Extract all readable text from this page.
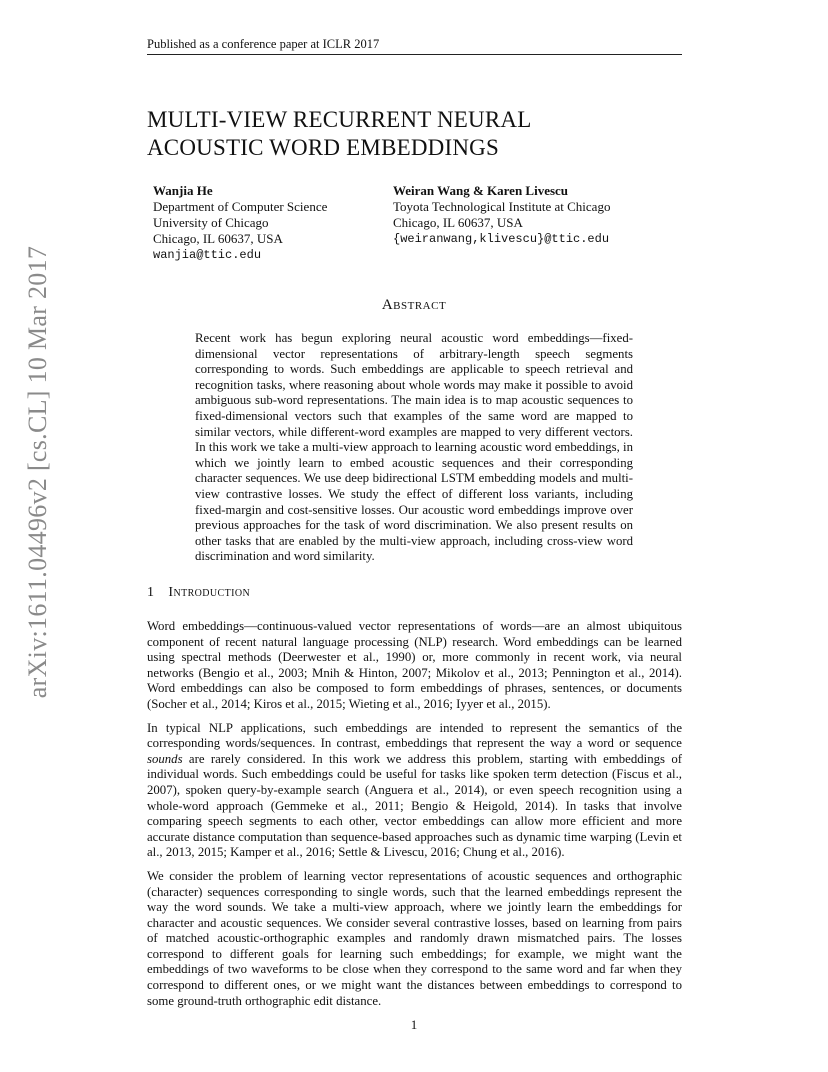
Published as a conference paper at ICLR 2017
MULTI-VIEW RECURRENT NEURAL
ACOUSTIC WORD EMBEDDINGS
Wanjia He
Department of Computer Science
University of Chicago
Chicago, IL 60637, USA
wanjia@ttic.edu
Weiran Wang & Karen Livescu
Toyota Technological Institute at Chicago
Chicago, IL 60637, USA
{weiranwang,klivescu}@ttic.edu
Abstract
Recent work has begun exploring neural acoustic word embeddings—fixed-dimensional vector representations of arbitrary-length speech segments corresponding to words. Such embeddings are applicable to speech retrieval and recognition tasks, where reasoning about whole words may make it possible to avoid ambiguous sub-word representations. The main idea is to map acoustic sequences to fixed-dimensional vectors such that examples of the same word are mapped to similar vectors, while different-word examples are mapped to very different vectors. In this work we take a multi-view approach to learning acoustic word embeddings, in which we jointly learn to embed acoustic sequences and their corresponding character sequences. We use deep bidirectional LSTM embedding models and multi-view contrastive losses. We study the effect of different loss variants, including fixed-margin and cost-sensitive losses. Our acoustic word embeddings improve over previous approaches for the task of word discrimination. We also present results on other tasks that are enabled by the multi-view approach, including cross-view word discrimination and word similarity.
1 Introduction

Word embeddings—continuous-valued vector representations of words—are an almost ubiquitous component of recent natural language processing (NLP) research. Word embeddings can be learned using spectral methods (Deerwester et al., 1990) or, more commonly in recent work, via neural networks (Bengio et al., 2003; Mnih & Hinton, 2007; Mikolov et al., 2013; Pennington et al., 2014). Word embeddings can also be composed to form embeddings of phrases, sentences, or documents (Socher et al., 2014; Kiros et al., 2015; Wieting et al., 2016; Iyyer et al., 2015).

In typical NLP applications, such embeddings are intended to represent the semantics of the corresponding words/sequences. In contrast, embeddings that represent the way a word or sequence sounds are rarely considered. In this work we address this problem, starting with embeddings of individual words. Such embeddings could be useful for tasks like spoken term detection (Fiscus et al., 2007), spoken query-by-example search (Anguera et al., 2014), or even speech recognition using a whole-word approach (Gemmeke et al., 2011; Bengio & Heigold, 2014). In tasks that involve comparing speech segments to each other, vector embeddings can allow more efficient and more accurate distance computation than sequence-based approaches such as dynamic time warping (Levin et al., 2013, 2015; Kamper et al., 2016; Settle & Livescu, 2016; Chung et al., 2016).

We consider the problem of learning vector representations of acoustic sequences and orthographic (character) sequences corresponding to single words, such that the learned embeddings represent the way the word sounds. We take a multi-view approach, where we jointly learn the embeddings for character and acoustic sequences. We consider several contrastive losses, based on learning from pairs of matched acoustic-orthographic examples and randomly drawn mismatched pairs. The losses correspond to different goals for learning such embeddings; for example, we might want the embeddings of two waveforms to be close when they correspond to the same word and far when they correspond to different ones, or we might want the distances between embeddings to correspond to some ground-truth orthographic edit distance.

1
arXiv:1611.04496v2 [cs.CL] 10 Mar 2017
